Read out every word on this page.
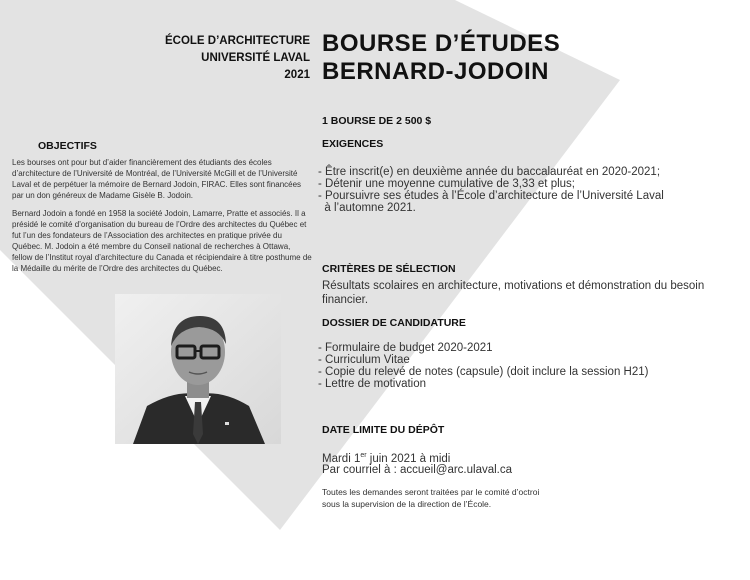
ÉCOLE D’ARCHITECTURE
UNIVERSITÉ LAVAL
2021
BOURSE D’ÉTUDES
BERNARD-JODOIN
OBJECTIFS
Les bourses ont pour but d’aider financièrement des étudiants des écoles d’architecture de l’Université de Montréal, de l’Université McGill et de l’Université Laval et de perpétuer la mémoire de Bernard Jodoin, FIRAC. Elles sont financées par un don généreux de Madame Gisèle B. Jodoin.
Bernard Jodoin a fondé en 1958 la société Jodoin, Lamarre, Pratte et associés. Il a présidé le comité d’organisation du bureau de l’Ordre des architectes du Québec et fut l’un des fondateurs de l’Association des architectes en pratique privée du Québec. M. Jodoin a été membre du Conseil national de recherches à Ottawa, fellow de l’Institut royal d’architecture du Canada et récipiendaire à titre posthume de la Médaille du mérite de l’Ordre des architectes du Québec.
1 BOURSE DE 2 500 $
EXIGENCES
- Être inscrit(e) en deuxième année du baccalauréat en 2020-2021;
- Détenir une moyenne cumulative de 3,33 et plus;
- Poursuivre ses études à l’École d’architecture de l’Université Laval
à l’automne 2021.
CRITÈRES DE SÉLECTION
Résultats scolaires en architecture, motivations et démonstration du besoin financier.
DOSSIER DE CANDIDATURE
- Formulaire de budget 2020-2021
- Curriculum Vitae
- Copie du relevé de notes (capsule) (doit inclure la session H21)
- Lettre de motivation
DATE LIMITE DU DÉPÔT
Mardi 1er juin 2021 à midi
Par courriel à : accueil@arc.ulaval.ca
Toutes les demandes seront traitées par le comité d’octroi
sous la supervision de la direction de l’École.
